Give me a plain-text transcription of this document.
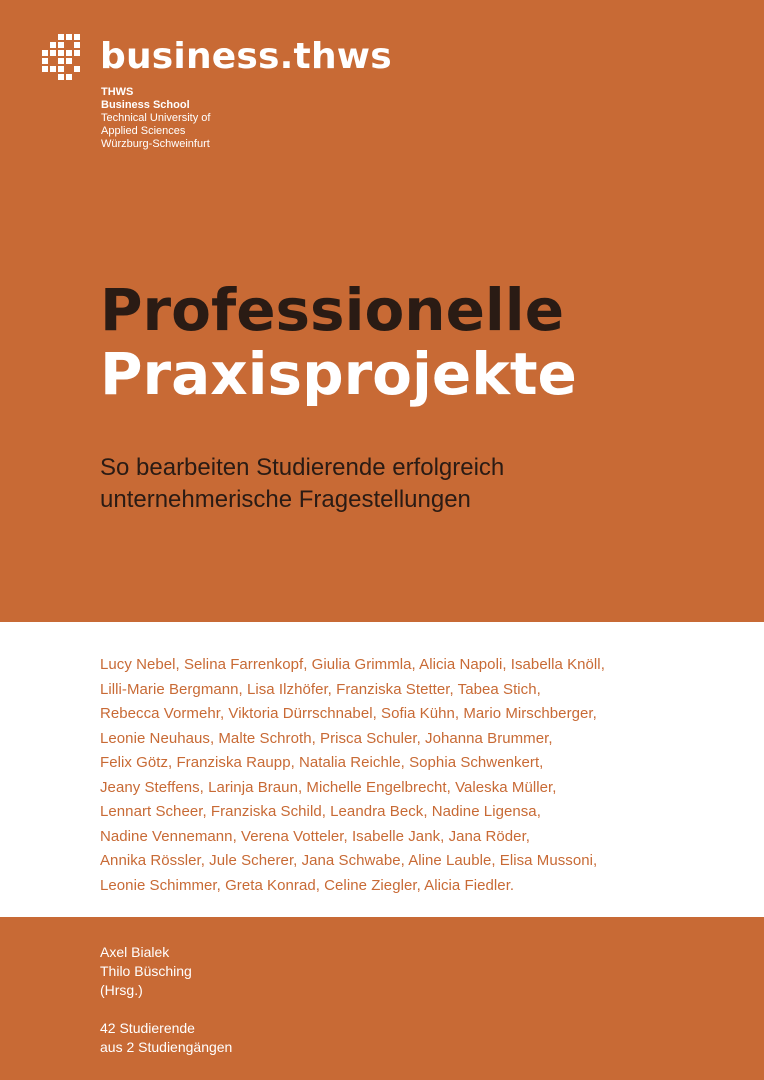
business.thws
THWS
Business School
Technical University of
Applied Sciences
Würzburg-Schweinfurt
Professionelle
Praxisprojekte
So bearbeiten Studierende erfolgreich
unternehmerische Fragestellungen
Lucy Nebel, Selina Farrenkopf, Giulia Grimmla, Alicia Napoli, Isabella Knöll,
Lilli-Marie Bergmann, Lisa Ilzhöfer, Franziska Stetter, Tabea Stich,
Rebecca Vormehr, Viktoria Dürrschnabel, Sofia Kühn, Mario Mirschberger,
Leonie Neuhaus, Malte Schroth, Prisca Schuler, Johanna Brummer,
Felix Götz, Franziska Raupp, Natalia Reichle, Sophia Schwenkert,
Jeany Steffens, Larinja Braun, Michelle Engelbrecht, Valeska Müller,
Lennart Scheer, Franziska Schild, Leandra Beck, Nadine Ligensa,
Nadine Vennemann, Verena Votteler, Isabelle Jank, Jana Röder,
Annika Rössler, Jule Scherer, Jana Schwabe, Aline Lauble, Elisa Mussoni,
Leonie Schimmer, Greta Konrad, Celine Ziegler, Alicia Fiedler.
Axel Bialek
Thilo Büsching
(Hrsg.)
42 Studierende
aus 2 Studiengängen
